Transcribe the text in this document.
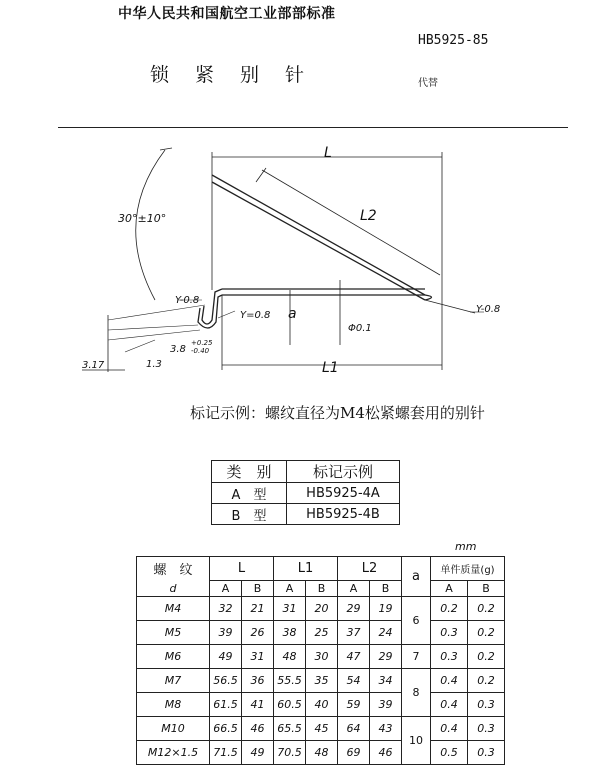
中华人民共和国航空工业部部标准
HB5925-85
锁紧别针	代替
L
L2
L1
a
30°±10°
Y-0.8
Y=0.8
Y-0.8
Φ0.1
3.17	1.3
3.8
+0.25
-0.40
标记示例：螺纹直径为M4松紧螺套用的别针
类　别	标记示例
A　型	HB5925-4A
B　型	HB5925-4B
mm
螺　纹	L		L1		L2		a	单件质量(g)	
d	A	B	A	B	A	B		A	B
M4	32	21	31	20	29	19	6	0.2	0.2
M5	39	26	38	25	37	24		0.3	0.2
M6	49	31	48	30	47	29	7	0.3	0.2
M7	56.5	36	55.5	35	54	34	8	0.4	0.2
M8	61.5	41	60.5	40	59	39		0.4	0.3
M10	66.5	46	65.5	45	64	43	10	0.4	0.3
M12×1.5	71.5	49	70.5	48	69	46		0.5	0.3
